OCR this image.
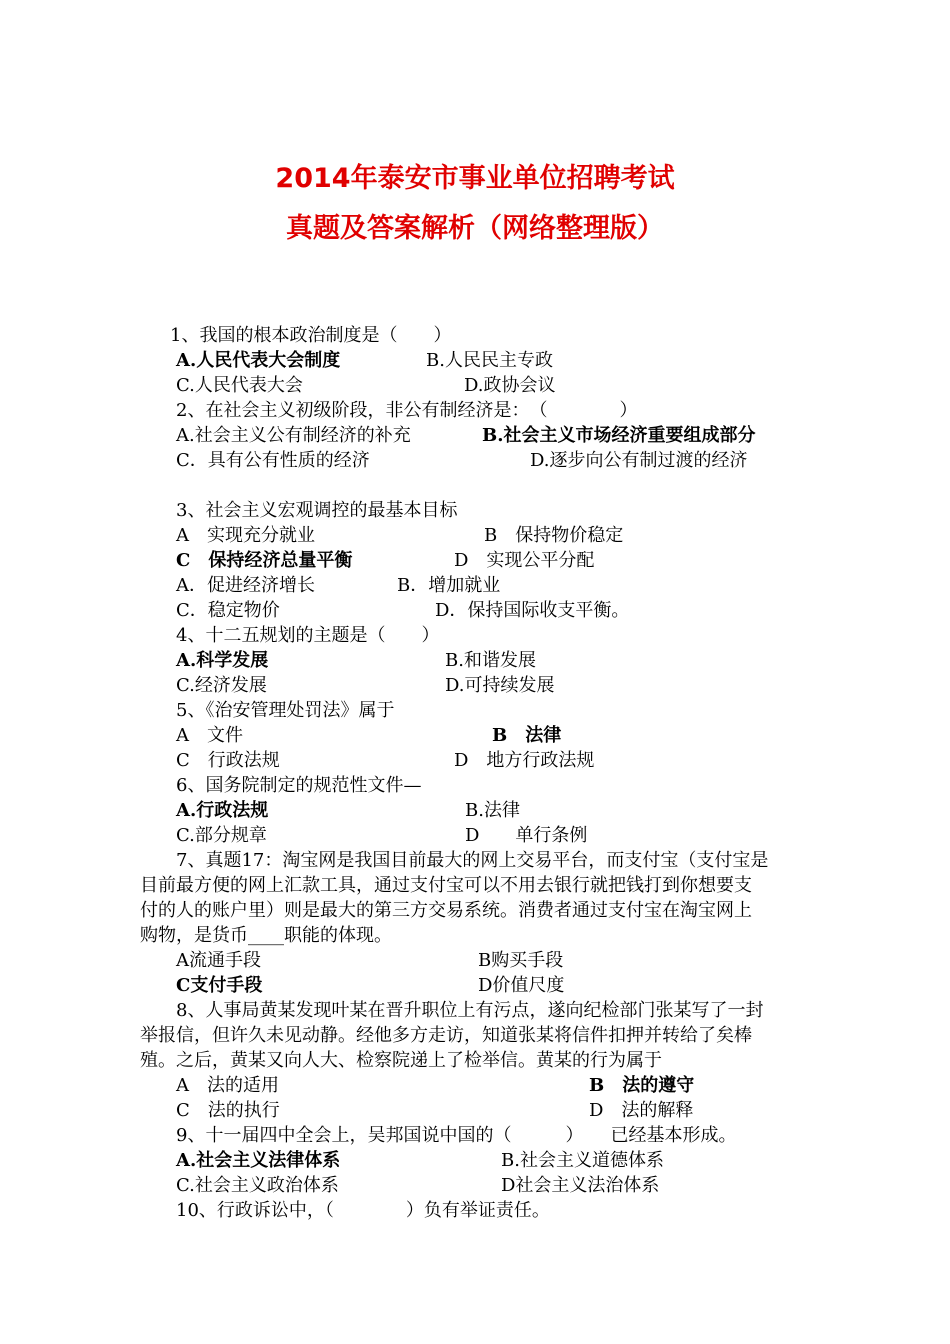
2014年泰安市事业单位招聘考试
真题及答案解析（网络整理版）
1、我国的根本政治制度是（　　）
A.人民代表大会制度	B.人民民主专政
C.人民代表大会	D.政协会议
2、在社会主义初级阶段，非公有制经济是：　（　　　　）
A.社会主义公有制经济的补充	B.社会主义市场经济重要组成部分
C．具有公有性质的经济	D.逐步向公有制过渡的经济
3、社会主义宏观调控的最基本目标
A　实现充分就业	B　保持物价稳定
C　保持经济总量平衡	D　实现公平分配
A．促进经济增长	B．增加就业
C．稳定物价	D．保持国际收支平衡。
4、十二五规划的主题是（　　）
A.科学发展	B.和谐发展
C.经济发展	D.可持续发展
5、《治安管理处罚法》属于
A　文件	B　法律
C　行政法规	D　地方行政法规
6、国务院制定的规范性文件—
A.行政法规	B.法律
C.部分规章	D　　单行条例
7、真题17：淘宝网是我国目前最大的网上交易平台，而支付宝（支付宝是
目前最方便的网上汇款工具，通过支付宝可以不用去银行就把钱打到你想要支
付的人的账户里）则是最大的第三方交易系统。消费者通过支付宝在淘宝网上
购物，是货币____职能的体现。
A流通手段	B购买手段
C支付手段	D价值尺度
8、人事局黄某发现叶某在晋升职位上有污点，遂向纪检部门张某写了一封
举报信，但许久未见动静。经他多方走访，知道张某将信件扣押并转给了矣棒
殖。之后，黄某又向人大、检察院递上了检举信。黄某的行为属于
A　法的适用	B　法的遵守
C　法的执行	D　法的解释
9、十一届四中全会上，吴邦国说中国的（　　　）　　已经基本形成。
A.社会主义法律体系	B.社会主义道德体系
C.社会主义政治体系	D社会主义法治体系
10、行政诉讼中，（　　　　）负有举证责任。
